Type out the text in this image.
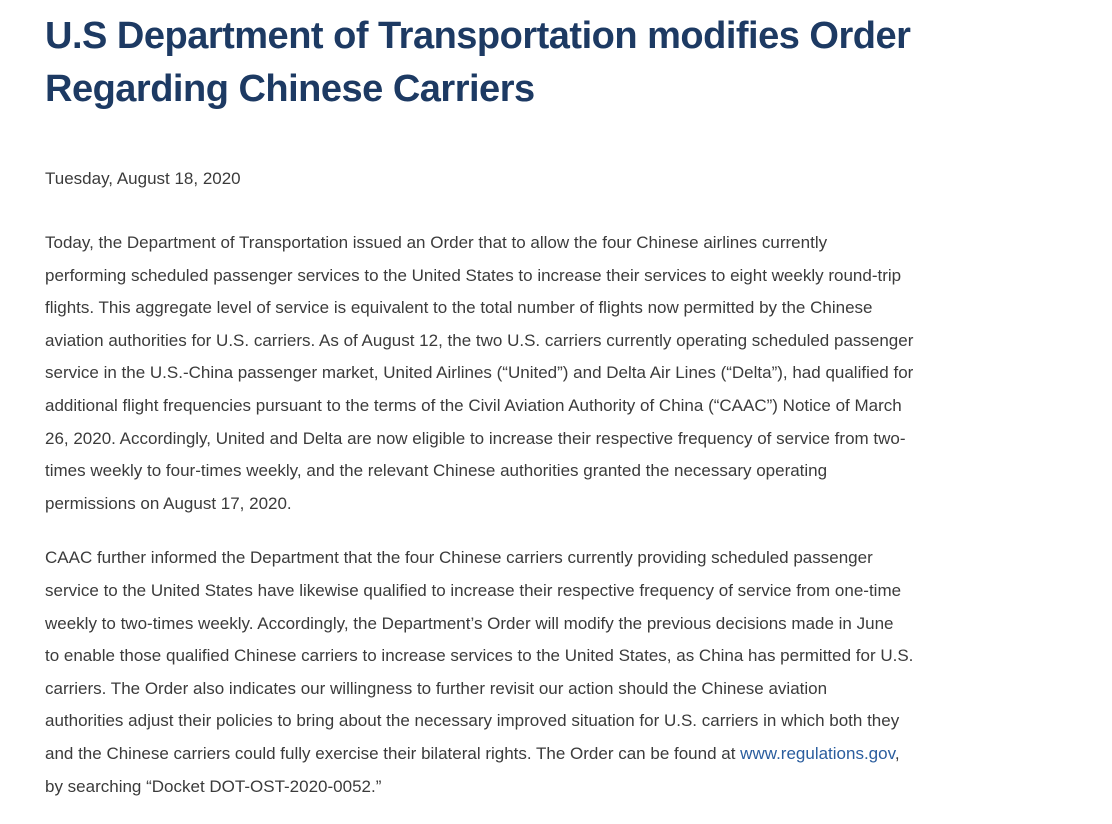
U.S Department of Transportation modifies Order
Regarding Chinese Carriers

Tuesday, August 18, 2020

Today, the Department of Transportation issued an Order that to allow the four Chinese airlines currently
performing scheduled passenger services to the United States to increase their services to eight weekly round-trip
flights. This aggregate level of service is equivalent to the total number of flights now permitted by the Chinese
aviation authorities for U.S. carriers. As of August 12, the two U.S. carriers currently operating scheduled passenger
service in the U.S.-China passenger market, United Airlines (“United”) and Delta Air Lines (“Delta”), had qualified for
additional flight frequencies pursuant to the terms of the Civil Aviation Authority of China (“CAAC”) Notice of March
26, 2020. Accordingly, United and Delta are now eligible to increase their respective frequency of service from two-
times weekly to four-times weekly, and the relevant Chinese authorities granted the necessary operating
permissions on August 17, 2020.

CAAC further informed the Department that the four Chinese carriers currently providing scheduled passenger
service to the United States have likewise qualified to increase their respective frequency of service from one-time
weekly to two-times weekly. Accordingly, the Department’s Order will modify the previous decisions made in June
to enable those qualified Chinese carriers to increase services to the United States, as China has permitted for U.S.
carriers. The Order also indicates our willingness to further revisit our action should the Chinese aviation
authorities adjust their policies to bring about the necessary improved situation for U.S. carriers in which both they
and the Chinese carriers could fully exercise their bilateral rights. The Order can be found at www.regulations.gov,
by searching “Docket DOT-OST-2020-0052.”
